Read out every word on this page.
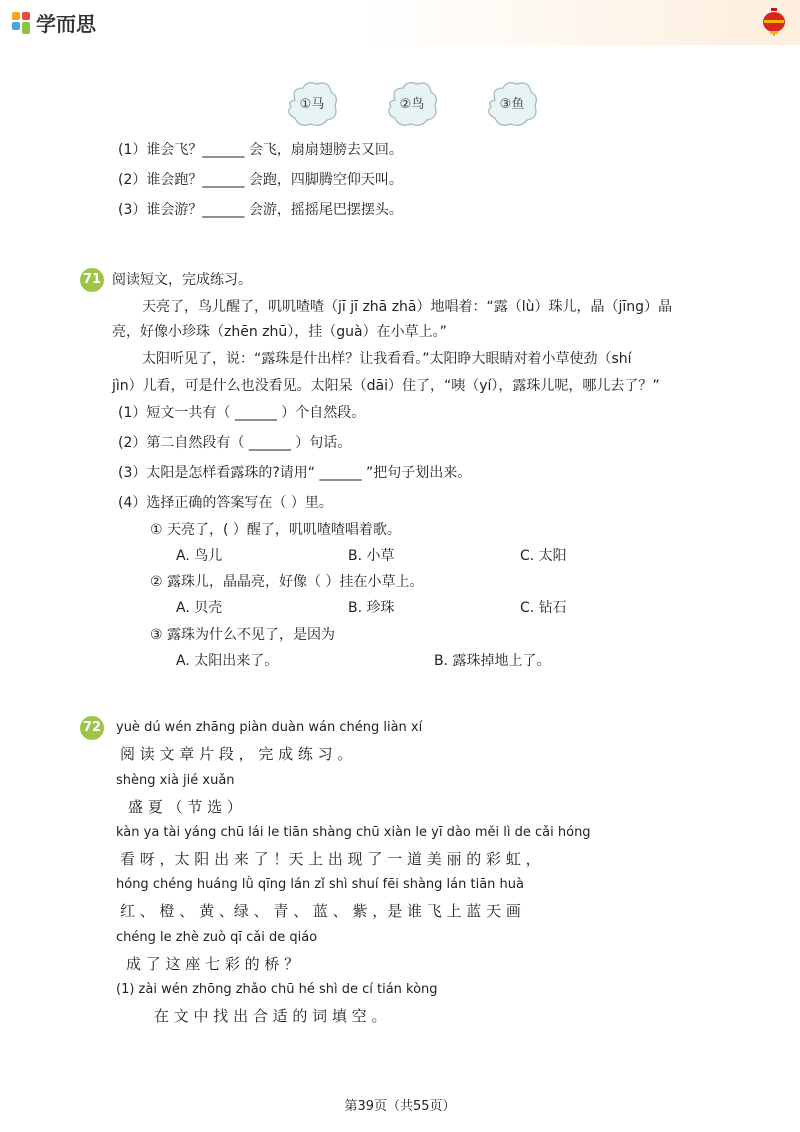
学而思
①马	②鸟	③鱼
(1）谁会飞？______ 会飞，扇扇翅膀去又回。
(2）谁会跑？______ 会跑，四脚腾空仰天叫。
(3）谁会游？______ 会游，摇摇尾巴摆摆头。
71 阅读短文，完成练习。
天亮了，鸟儿醒了，叽叽喳喳（jī jī zhā zhā）地唱着：“露（lù）珠儿，晶（jīng）晶
亮，好像小珍珠（zhēn zhū），挂（guà）在小草上。”
太阳听见了，说：“露珠是什出样？让我看看。”太阳睁大眼睛对着小草使劲（shí
jìn）儿看，可是什么也没看见。太阳呆（dāi）住了，“咦（yí），露珠儿呢，哪儿去了？”
(1）短文一共有（ ______ ）个自然段。
(2）第二自然段有（ ______ ）句话。
(3）太阳是怎样看露珠的?请用“ ______ ”把句子划出来。
(4）选择正确的答案写在（ ）里。
① 天亮了，( ）醒了，叽叽喳喳唱着歌。
A. 鸟儿	B. 小草	C. 太阳
② 露珠儿，晶晶亮，好像（ ）挂在小草上。
A. 贝壳	B. 珍珠	C. 钻石
③ 露珠为什么不见了，是因为
A. 太阳出来了。	B. 露珠掉地上了。
72 yuè dú wén zhāng piàn duàn wán chéng liàn xí
阅 读 文 章 片 段 ， 完 成 练 习 。
shèng xià jié xuǎn
盛 夏 （ 节 选 ）
kàn ya tài yáng chū lái le tiān shàng chū xiàn le yī dào měi lì de cǎi hóng
看 呀 ，太 阳 出 来 了 ！天 上 出 现 了 一 道 美 丽 的 彩 虹 ，
hóng chéng huáng lǜ qīng lán zǐ shì shuí fēi shàng lán tiān huà
红 、 橙 、 黄 、绿 、 青 、 蓝 、 紫 ，是 谁 飞 上 蓝 天 画
chéng le zhè zuò qī cǎi de qiáo
成 了 这 座 七 彩 的 桥 ？
(1) zài wén zhōng zhǎo chū hé shì de cí tián kòng
在 文 中 找 出 合 适 的 词 填 空 。
第39页（共55页）
